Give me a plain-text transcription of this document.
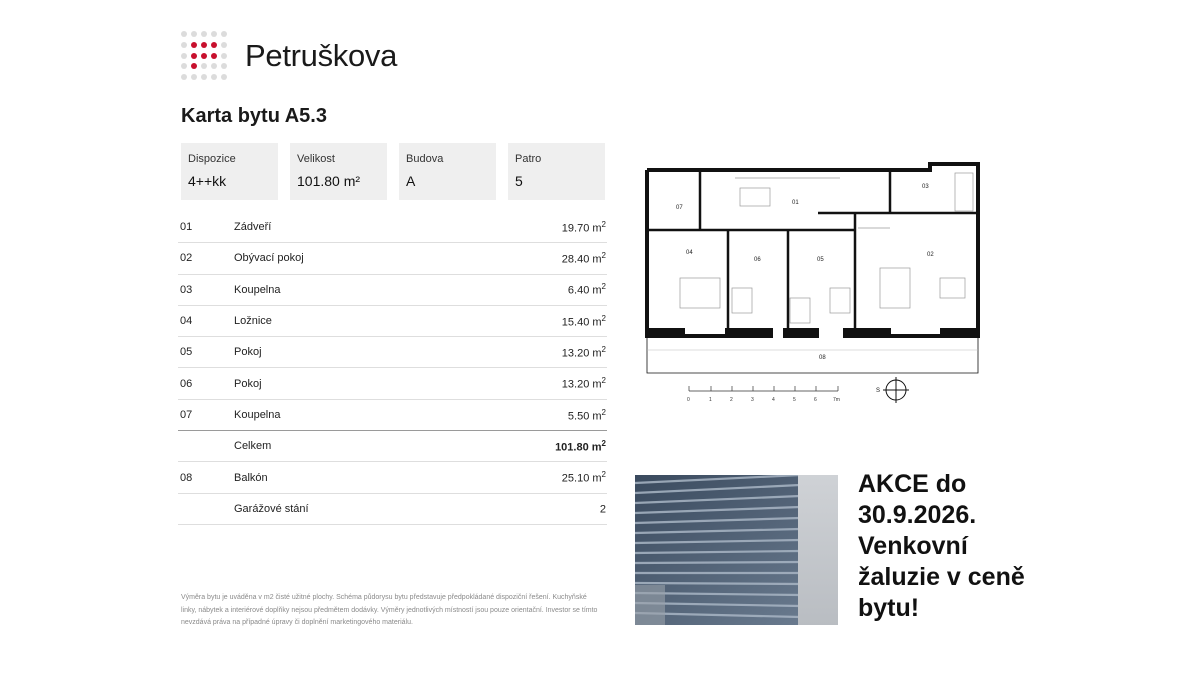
Petruškova
Karta bytu A5.3
Dispozice
4++kk
Velikost
101.80 m²
Budova
A
Patro
5
01	Zádveří	19.70 $m^2$
02	Obývací pokoj	28.40 $m^2$
03	Koupelna	6.40 $m^2$
04	Ložnice	15.40 $m^2$
05	Pokoj	13.20 $m^2$
06	Pokoj	13.20 $m^2$
07	Koupelna	5.50 $m^2$
Celkem	101.80 $m^2$
08	Balkón	25.10 $m^2$
Garážové stání	2
Výměra bytu je uváděna v m2 čisté užitné plochy. Schéma půdorysu bytu představuje předpokládané dispoziční řešení. Kuchyňské linky, nábytek a interiérové doplňky nejsou předmětem dodávky. Výměry jednotlivých místností jsou pouze orientační. Investor se tímto nevzdává práva na případné úpravy či doplnění marketingového materiálu.
01
02
03
04
05
06
07
08
0	1	2	3	4	5	6	7m
S
AKCE do
30.9.2026.
Venkovní
žaluzie v ceně
bytu!
